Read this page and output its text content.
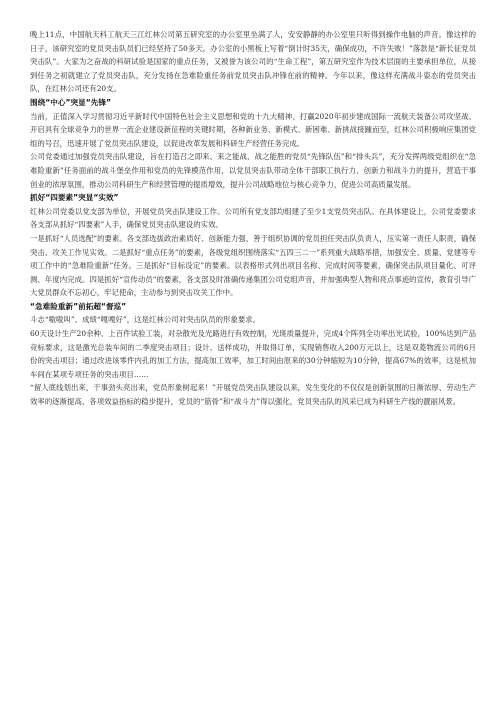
晚上11点，中国航天科工航天三江红林公司第五研究室的办公室里坐满了人，安安静静的办公室里只听得到操作电脑的声音。像这样的日子，该研究室的党员突击队员们已经坚持了50多天。办公室的小黑板上写着“倒计时35天，确保成功，不许失败！”落款是“新长征党员突击队”。大家为之奋战的科研试验是国家的重点任务，又被誉为该公司的“生命工程”，第五研究室作为技术层面的主要承担单位，从接到任务之初就建立了党员突击队，充分发扬在急难险重任务前党员突击队冲锋在前的精神。今年以来，像这样充满战斗姿态的党员突击队，在红林公司还有20支。

围绕“中心”突显“先锋”

当前，正值深入学习贯彻习近平新时代中国特色社会主义思想和党的十九大精神、打赢2020年初步建成国际一流航天装备公司攻坚战、开启具有全球竞争力的世界一流企业建设新征程的关键时期，各种新业务、新模式、新困难、新挑战接踵而至，红林公司积极响应集团党组的号召，迅速开展了党员突击队建设，以促进改革发展和科研生产经营任务完成。

公司党委通过加强党员突击队建设，旨在打造召之即来、来之能战、战之能胜的党员“先锋队伍”和“排头兵”，充分发挥两级党组织在“急难险重新”任务面前的战斗堡垒作用和党员的先锋模范作用，以党员突击队带动全体干部职工执行力、创新力和战斗力的提升，营造干事创业的浓厚氛围，推动公司科研生产和经营管理的提质增效，提升公司战略地位与核心竞争力，促进公司高质量发展。

抓好“四要素”突显“实效”

红林公司党委以党支部为单位，开展党员突击队建设工作。公司所有党支部均组建了至少1支党员突击队。在具体建设上，公司党委要求各支部从抓好“四要素”入手，确保党员突击队建设的实效。

一是抓好“人员选配”的要素。各支部选拔政治素质好、创新能力强、善于组织协调的党员担任突击队负责人，压实第一责任人职责，确保突击、攻关工作见实效。二是抓好“重点任务”的要素，各级党组织围绕落实“五四三二一”系列重大战略举措，加强安全、质量、党建等专项工作中的“急难险重新”任务。三是抓好“目标设定”的要素。以表格形式列出项目名称、完成时间等要素，确保突击队项目量化、可评测、年度内完成。四是抓好“宣传动员”的要素，各支部及时准确传递集团公司党组声音，并加强典型人物和亮点事迹的宣传，教育引导广大党员群众不忘初心，牢记使命，主动参与到突击攻关工作中。

“急难险重新”前拓超“督巡”

斗志“嗷嗷叫”、成绩“嘎嘎好”，这是红林公司对突击队员的形象要求。

60天设计生产20余种、上百件试验工装，对杂散光及光路进行有效控制，光斑质量提升，完成4个阵列全功率出光试验，100%达到产品竞标要求，这是激光总装车间的二季度突击项目；设计、送样成功，并取得订单，实现销售收入200万元以上，这是双菱物流公司的6月份的突击项目；通过改进该零件内孔的加工方法，提高加工效率，加工时间由原来的30分钟缩短为10分钟，提高67%的效率，这是机加车间在某项专项任务的突击项目……

“留人底线划出来，干事劲头亮出来，党员形象树起来！”开展党员突击队建设以来，发生变化的不仅仅是创新氛围的日渐浓厚、劳动生产效率的逐渐提高、各项效益指标的稳步提升，党员的“筋骨”和“战斗力”得以强化，党员突击队的风采已成为科研生产线的靓丽风景。
